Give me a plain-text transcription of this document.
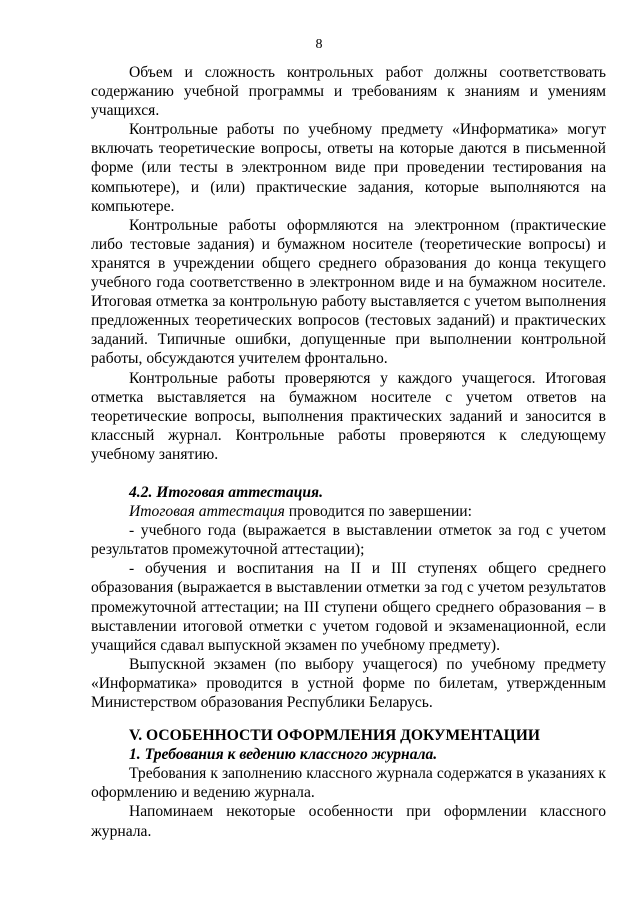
8

Объем и сложность контрольных работ должны соответствовать содержанию учебной программы и требованиям к знаниям и умениям учащихся.

Контрольные работы по учебному предмету «Информатика» могут включать теоретические вопросы, ответы на которые даются в письменной форме (или тесты в электронном виде при проведении тестирования на компьютере), и (или) практические задания, которые выполняются на компьютере.

Контрольные работы оформляются на электронном (практические либо тестовые задания) и бумажном носителе (теоретические вопросы) и хранятся в учреждении общего среднего образования до конца текущего учебного года соответственно в электронном виде и на бумажном носителе. Итоговая отметка за контрольную работу выставляется с учетом выполнения предложенных теоретических вопросов (тестовых заданий) и практических заданий. Типичные ошибки, допущенные при выполнении контрольной работы, обсуждаются учителем фронтально.

Контрольные работы проверяются у каждого учащегося. Итоговая отметка выставляется на бумажном носителе с учетом ответов на теоретические вопросы, выполнения практических заданий и заносится в классный журнал. Контрольные работы проверяются к следующему учебному занятию.

4.2. Итоговая аттестация.

Итоговая аттестация проводится по завершении:

- учебного года (выражается в выставлении отметок за год с учетом результатов промежуточной аттестации);

- обучения и воспитания на II и III ступенях общего среднего образования (выражается в выставлении отметки за год с учетом результатов промежуточной аттестации; на III ступени общего среднего образования – в выставлении итоговой отметки с учетом годовой и экзаменационной, если учащийся сдавал выпускной экзамен по учебному предмету).

Выпускной экзамен (по выбору учащегося) по учебному предмету «Информатика» проводится в устной форме по билетам, утвержденным Министерством образования Республики Беларусь.

V. ОСОБЕННОСТИ ОФОРМЛЕНИЯ ДОКУМЕНТАЦИИ

1. Требования к ведению классного журнала.

Требования к заполнению классного журнала содержатся в указаниях к оформлению и ведению журнала.

Напоминаем некоторые особенности при оформлении классного журнала.
